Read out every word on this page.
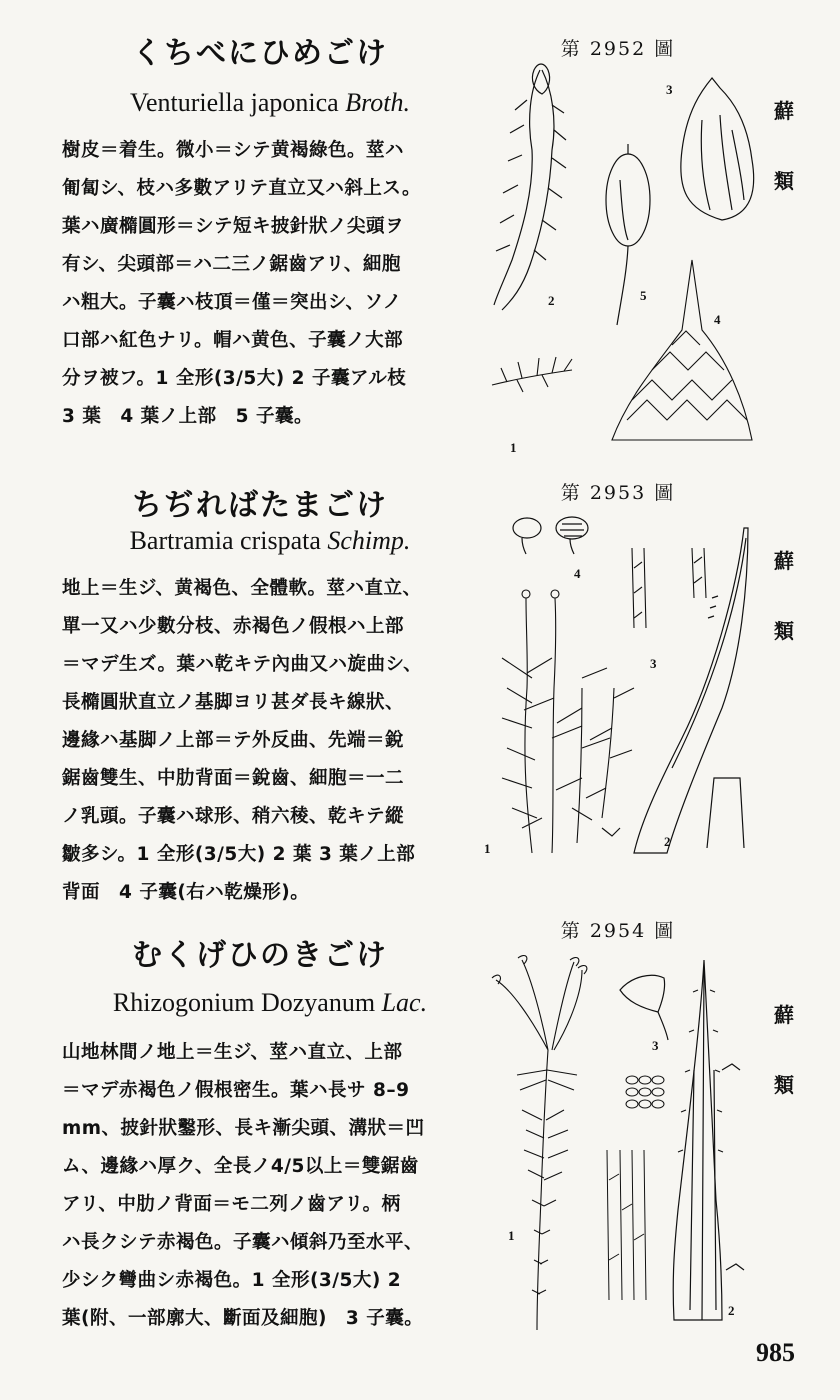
くちべにひめごけ
Venturiella japonica Broth.
樹皮＝着生。微小＝シテ黄褐綠色。莖ハ
匍匐シ、枝ハ多數アリテ直立又ハ斜上ス。
葉ハ廣橢圓形＝シテ短キ披針狀ノ尖頭ヲ
有シ、尖頭部＝ハ二三ノ鋸齒アリ、細胞
ハ粗大。子囊ハ枝頂＝僅＝突出シ、ソノ
口部ハ紅色ナリ。帽ハ黄色、子囊ノ大部
分ヲ被フ。1 全形(3/5大) 2 子囊アル枝
3 葉　4 葉ノ上部　5 子囊。
第 2952 圖
蘚
類
2
1
5
3
4
ちぢればたまごけ
Bartramia crispata Schimp.
地上＝生ジ、黄褐色、全體軟。莖ハ直立、
單一又ハ少數分枝、赤褐色ノ假根ハ上部
＝マデ生ズ。葉ハ乾キテ內曲又ハ旋曲シ、
長橢圓狀直立ノ基脚ヨリ甚ダ長キ線狀、
邊緣ハ基脚ノ上部＝テ外反曲、先端＝銳
鋸齒雙生、中肋背面＝銳齒、細胞＝一二
ノ乳頭。子囊ハ球形、稍六稜、乾キテ縱
皺多シ。1 全形(3/5大) 2 葉 3 葉ノ上部
背面　4 子囊(右ハ乾燥形)。
第 2953 圖
蘚
類
4
1
3
2
むくげひのきごけ
Rhizogonium Dozyanum Lac.
山地林間ノ地上＝生ジ、莖ハ直立、上部
＝マデ赤褐色ノ假根密生。葉ハ長サ 8–9
mm、披針狀鑿形、長キ漸尖頭、溝狀＝凹
ム、邊緣ハ厚ク、全長ノ4/5以上＝雙鋸齒
アリ、中肋ノ背面＝モ二列ノ齒アリ。柄
ハ長クシテ赤褐色。子囊ハ傾斜乃至水平、
少シク彎曲シ赤褐色。1 全形(3/5大) 2
葉(附、一部廓大、斷面及細胞)　3 子囊。
第 2954 圖
蘚
類
1
3
2
985
